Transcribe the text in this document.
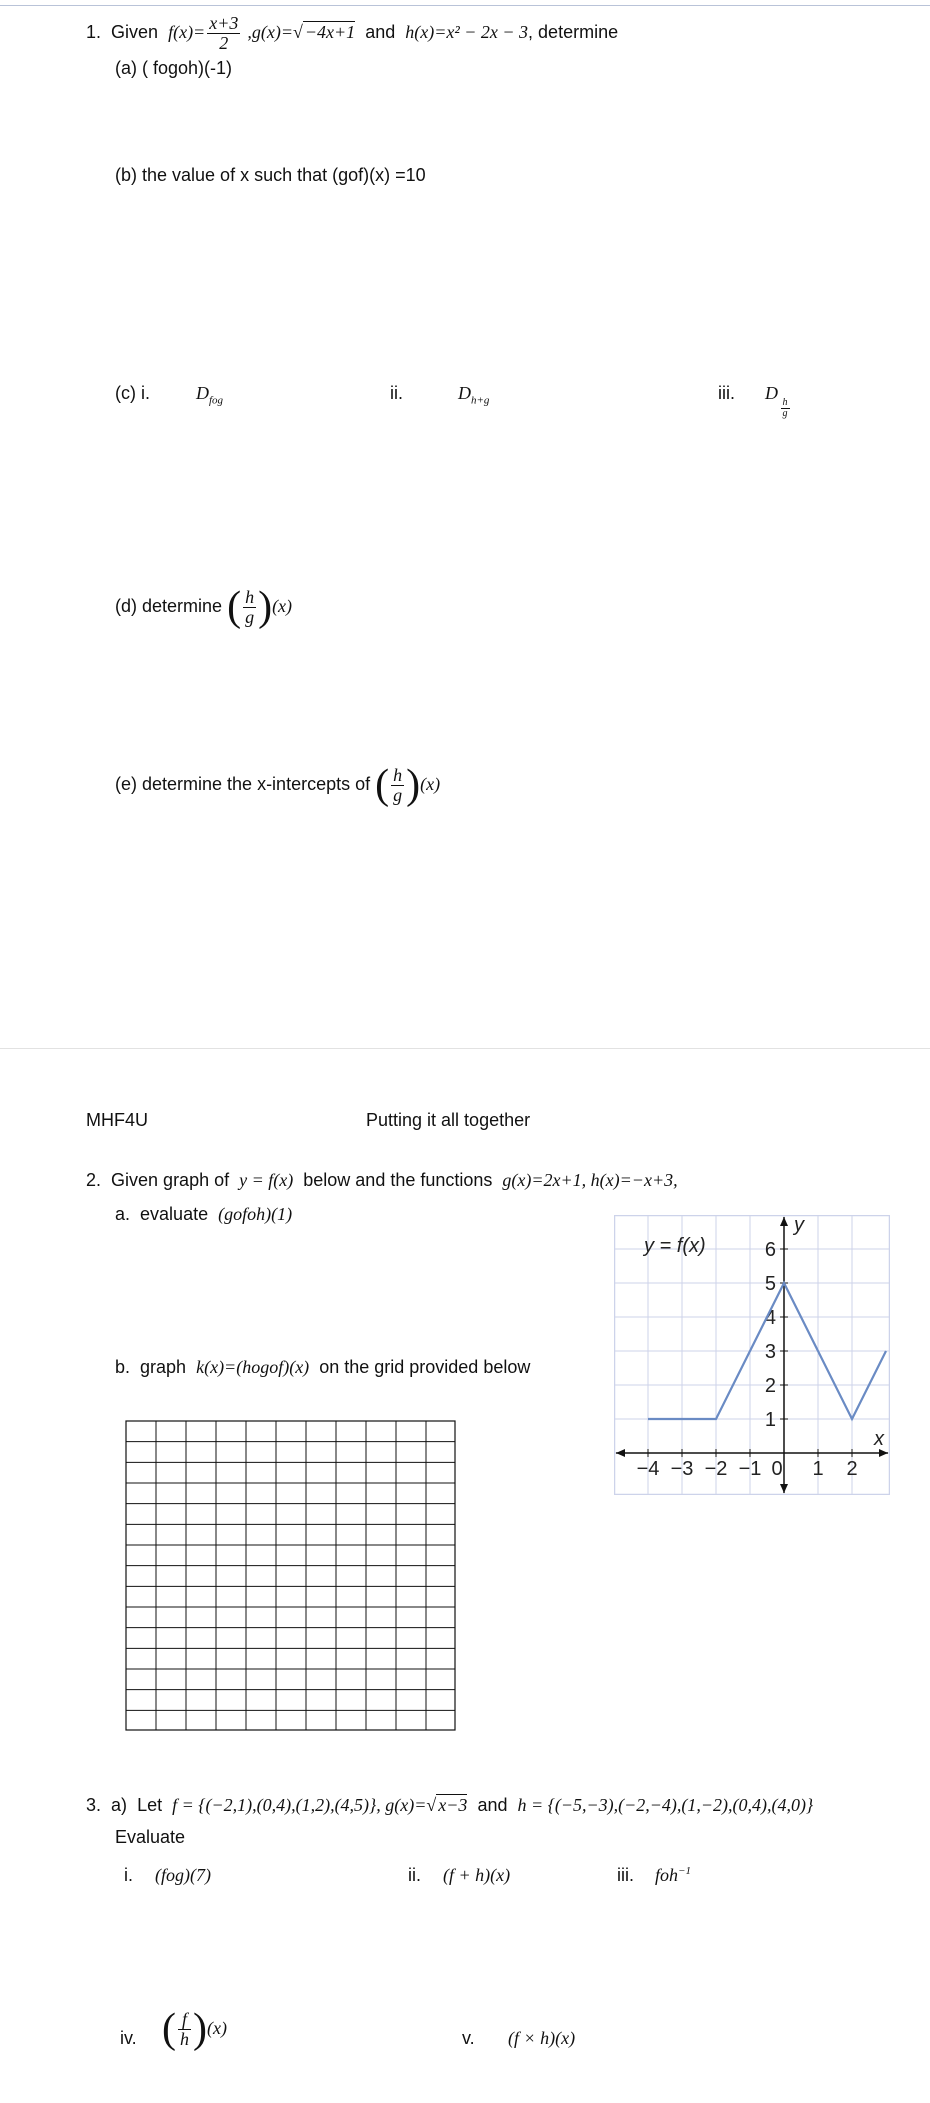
1. Given $f(x)= \frac{x+3}{2} ,g(x)=√ -4x+1$ and h(x)=x² − 2x − 3, determine
(a) ( fogoh)(-1)
(b) the value of x such that (gof)(x) =10
(c) i.	$D_{fog}$	ii.	$D_{h+g}$	iii. D
$\frac{h}{g}$
(d) determine ( $\frac{h}{g} )(x)$
(e) determine the x-intercepts of ( $\frac{h}{g} )(x)$
MHF4U	Putting it all together
2. Given graph of y = f(x) below and the functions g(x)=2x+1, h(x)=−x+3,
a. evaluate (gofoh)(1)
b. graph k(x)=(hogof)(x) on the grid provided below
−4 −3 −2 −1 0 1 2
1
2
3
4
5
6
y
x
y = f(x)
3. a) Let f = {(−2,1),(0,4),(1,2),(4,5)}, g(x)=√ x−3 and h = {(−5,−3),(−2,−4),(1,−2),(0,4),(4,0)}
Evaluate
i. (fog)(7)	ii. (f + h)(x)	iii. foh$^{-1}$
iv. ( $\frac{f}{h} )(x)$
v. (f × h)(x)
